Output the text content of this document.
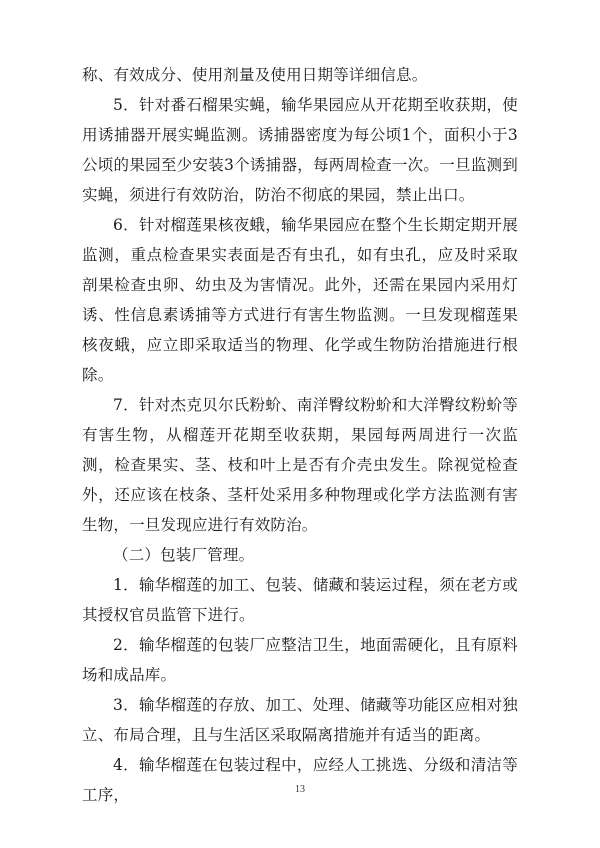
称、有效成分、使用剂量及使用日期等详细信息。

5．针对番石榴果实蝇，输华果园应从开花期至收获期，使用诱捕器开展实蝇监测。诱捕器密度为每公顷1个，面积小于3公顷的果园至少安装3个诱捕器，每两周检查一次。一旦监测到实蝇，须进行有效防治，防治不彻底的果园，禁止出口。

6．针对榴莲果核夜蛾，输华果园应在整个生长期定期开展监测，重点检查果实表面是否有虫孔，如有虫孔，应及时采取剖果检查虫卵、幼虫及为害情况。此外，还需在果园内采用灯诱、性信息素诱捕等方式进行有害生物监测。一旦发现榴莲果核夜蛾，应立即采取适当的物理、化学或生物防治措施进行根除。

7．针对杰克贝尔氏粉蚧、南洋臀纹粉蚧和大洋臀纹粉蚧等有害生物，从榴莲开花期至收获期，果园每两周进行一次监测，检查果实、茎、枝和叶上是否有介壳虫发生。除视觉检查外，还应该在枝条、茎杆处采用多种物理或化学方法监测有害生物，一旦发现应进行有效防治。

（二）包装厂管理。

1．输华榴莲的加工、包装、储藏和装运过程，须在老方或其授权官员监管下进行。

2．输华榴莲的包装厂应整洁卫生，地面需硬化，且有原料场和成品库。

3．输华榴莲的存放、加工、处理、储藏等功能区应相对独立、布局合理，且与生活区采取隔离措施并有适当的距离。

4．输华榴莲在包装过程中，应经人工挑选、分级和清洁等工序，	13
